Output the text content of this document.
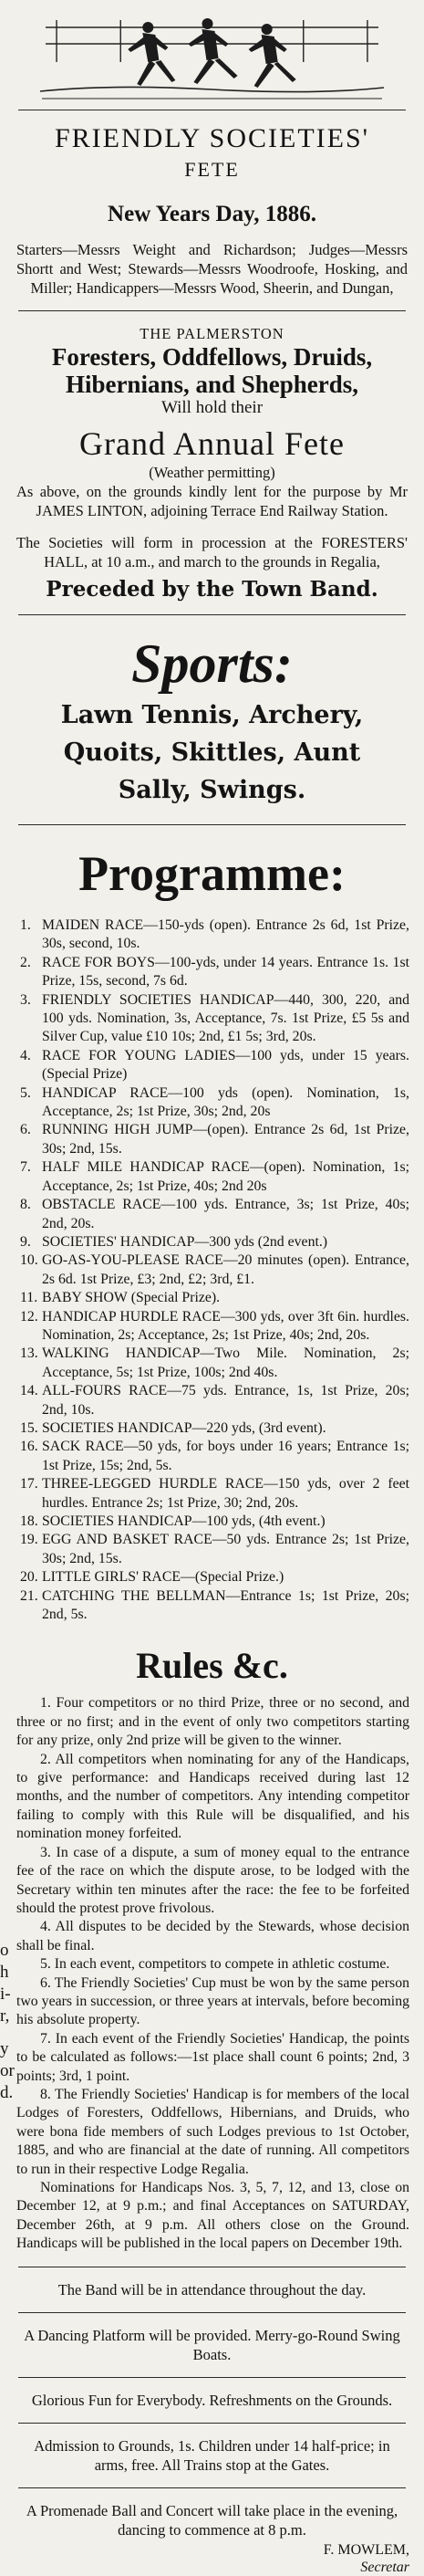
o
h
i-
r,
y
or
d.
FRIENDLY SOCIETIES'
FETE
New Years Day, 1886.
Starters—Messrs Weight and Richardson; Judges—Messrs Shortt and West; Stewards—Messrs Woodroofe, Hosking, and Miller; Handicappers—Messrs Wood, Sheerin, and Dungan,
THE PALMERSTON
Foresters, Oddfellows, Druids,
Hibernians, and Shepherds,
Will hold their
Grand Annual Fete
(Weather permitting)
As above, on the grounds kindly lent for the purpose by Mr JAMES LINTON, adjoining Terrace End Railway Station.
The Societies will form in procession at the FORESTERS' HALL, at 10 a.m., and march to the grounds in Regalia,
Preceded by the Town Band.
Sports:
Lawn Tennis, Archery,
Quoits, Skittles, Aunt
Sally, Swings.
Programme:
1. MAIDEN RACE—150-yds (open). Entrance 2s 6d, 1st Prize, 30s, second, 10s.
2. RACE FOR BOYS—100-yds, under 14 years. Entrance 1s. 1st Prize, 15s, second, 7s 6d.
3. FRIENDLY SOCIETIES HANDICAP—440, 300, 220, and 100 yds. Nomination, 3s, Acceptance, 7s. 1st Prize, £5 5s and Silver Cup, value £10 10s; 2nd, £1 5s; 3rd, 20s.
4. RACE FOR YOUNG LADIES—100 yds, under 15 years. (Special Prize)
5. HANDICAP RACE—100 yds (open). Nomination, 1s, Acceptance, 2s; 1st Prize, 30s; 2nd, 20s
6. RUNNING HIGH JUMP—(open). Entrance 2s 6d, 1st Prize, 30s; 2nd, 15s.
7. HALF MILE HANDICAP RACE—(open). Nomination, 1s; Acceptance, 2s; 1st Prize, 40s; 2nd 20s
8. OBSTACLE RACE—100 yds. Entrance, 3s; 1st Prize, 40s; 2nd, 20s.
9. SOCIETIES' HANDICAP—300 yds (2nd event.)
10. GO-AS-YOU-PLEASE RACE—20 minutes (open). Entrance, 2s 6d. 1st Prize, £3; 2nd, £2; 3rd, £1.
11. BABY SHOW (Special Prize).
12. HANDICAP HURDLE RACE—300 yds, over 3ft 6in. hurdles. Nomination, 2s; Acceptance, 2s; 1st Prize, 40s; 2nd, 20s.
13. WALKING HANDICAP—Two Mile. Nomination, 2s; Acceptance, 5s; 1st Prize, 100s; 2nd 40s.
14. ALL-FOURS RACE—75 yds. Entrance, 1s, 1st Prize, 20s; 2nd, 10s.
15. SOCIETIES HANDICAP—220 yds, (3rd event).
16. SACK RACE—50 yds, for boys under 16 years; Entrance 1s; 1st Prize, 15s; 2nd, 5s.
17. THREE-LEGGED HURDLE RACE—150 yds, over 2 feet hurdles. Entrance 2s; 1st Prize, 30; 2nd, 20s.
18. SOCIETIES HANDICAP—100 yds, (4th event.)
19. EGG AND BASKET RACE—50 yds. Entrance 2s; 1st Prize, 30s; 2nd, 15s.
20. LITTLE GIRLS' RACE—(Special Prize.)
21. CATCHING THE BELLMAN—Entrance 1s; 1st Prize, 20s; 2nd, 5s.
Rules &c.

1. Four competitors or no third Prize, three or no second, and three or no first; and in the event of only two competitors starting for any prize, only 2nd prize will be given to the winner.

2. All competitors when nominating for any of the Handicaps, to give performance: and Handicaps received during last 12 months, and the number of competitors. Any intending competitor failing to comply with this Rule will be disqualified, and his nomination money forfeited.

3. In case of a dispute, a sum of money equal to the entrance fee of the race on which the dispute arose, to be lodged with the Secretary within ten minutes after the race: the fee to be forfeited should the protest prove frivolous.

4. All disputes to be decided by the Stewards, whose decision shall be final.

5. In each event, competitors to compete in athletic costume.

6. The Friendly Societies' Cup must be won by the same person two years in succession, or three years at intervals, before becoming his absolute property.

7. In each event of the Friendly Societies' Handicap, the points to be calculated as follows:—1st place shall count 6 points; 2nd, 3 points; 3rd, 1 point.

8. The Friendly Societies' Handicap is for members of the local Lodges of Foresters, Oddfellows, Hibernians, and Druids, who were bona fide members of such Lodges previous to 1st October, 1885, and who are financial at the date of running. All competitors to run in their respective Lodge Regalia.

Nominations for Handicaps Nos. 3, 5, 7, 12, and 13, close on December 12, at 9 p.m.; and final Acceptances on SATURDAY, December 26th, at 9 p.m. All others close on the Ground. Handicaps will be published in the local papers on December 19th.

The Band will be in attendance throughout the day.
A Dancing Platform will be provided. Merry-go-Round Swing Boats.
Glorious Fun for Everybody. Refreshments on the Grounds.
Admission to Grounds, 1s. Children under 14 half-price; in arms, free. All Trains stop at the Gates.
A Promenade Ball and Concert will take place in the evening, dancing to commence at 8 p.m.
F. MOWLEM,
Secretar
